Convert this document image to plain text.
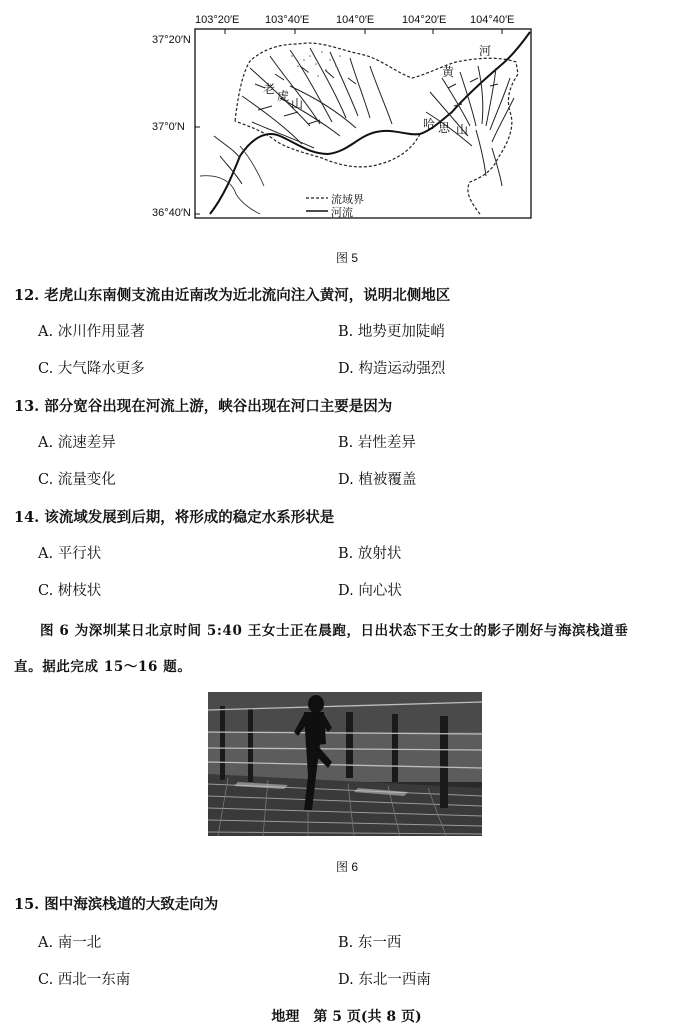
103°20′E 103°40′E 104°0′E	104°20′E 104°40′E
37°20′N
37°0′N
36°40′N
黄
河
老 虎
山
哈 思 山
流域界
河流
图 5
12. 老虎山东南侧支流由近南改为近北流向注入黄河，说明北侧地区
A. 冰川作用显著	B. 地势更加陡峭
C. 大气降水更多	D. 构造运动强烈
13. 部分宽谷出现在河流上游，峡谷出现在河口主要是因为
A. 流速差异	B. 岩性差异
C. 流量变化	D. 植被覆盖
14. 该流域发展到后期，将形成的稳定水系形状是
A. 平行状	B. 放射状
C. 树枝状	D. 向心状
图 6 为深圳某日北京时间 5:40 王女士正在晨跑，日出状态下王女士的影子刚好与海滨栈道垂
直。据此完成 15～16 题。
图 6
15. 图中海滨栈道的大致走向为
A. 南一北	B. 东一西
C. 西北一东南	D. 东北一西南
地理　第 5 页(共 8 页)
